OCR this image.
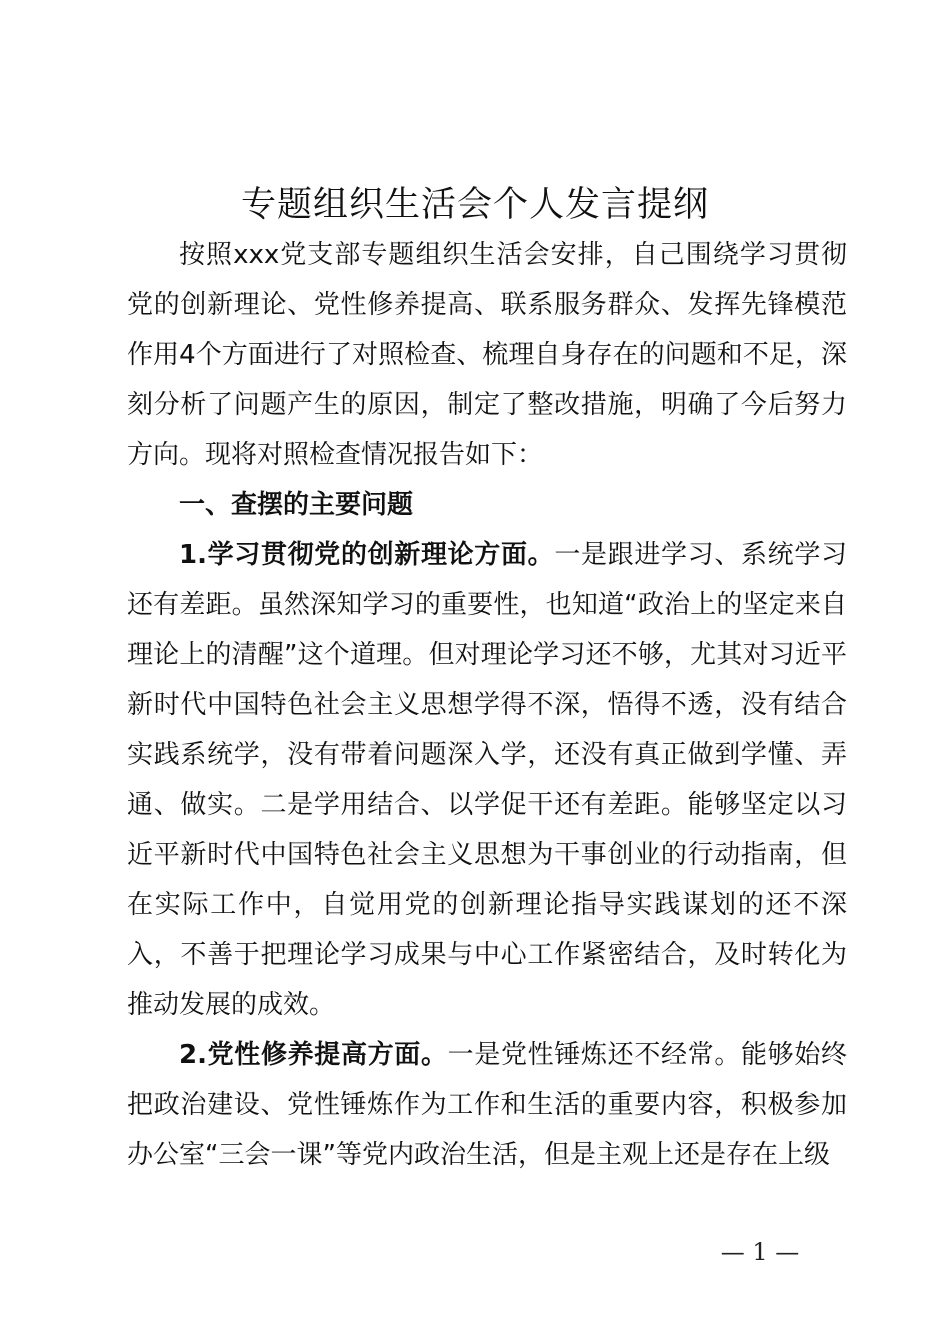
专题组织生活会个人发言提纲

按照xxx党支部专题组织生活会安排，自己围绕学习贯彻党的创新理论、党性修养提高、联系服务群众、发挥先锋模范作用4个方面进行了对照检查、梳理自身存在的问题和不足，深刻分析了问题产生的原因，制定了整改措施，明确了今后努力方向。现将对照检查情况报告如下：

一、查摆的主要问题

1.学习贯彻党的创新理论方面。一是跟进学习、系统学习还有差距。虽然深知学习的重要性，也知道“政治上的坚定来自理论上的清醒”这个道理。但对理论学习还不够，尤其对习近平新时代中国特色社会主义思想学得不深，悟得不透，没有结合实践系统学，没有带着问题深入学，还没有真正做到学懂、弄通、做实。二是学用结合、以学促干还有差距。能够坚定以习近平新时代中国特色社会主义思想为干事创业的行动指南，但在实际工作中，自觉用党的创新理论指导实践谋划的还不深入，不善于把理论学习成果与中心工作紧密结合，及时转化为推动发展的成效。

2.党性修养提高方面。一是党性锤炼还不经常。能够始终把政治建设、党性锤炼作为工作和生活的重要内容，积极参加办公室“三会一课”等党内政治生活，但是主观上还是存在上级

— 1 —
